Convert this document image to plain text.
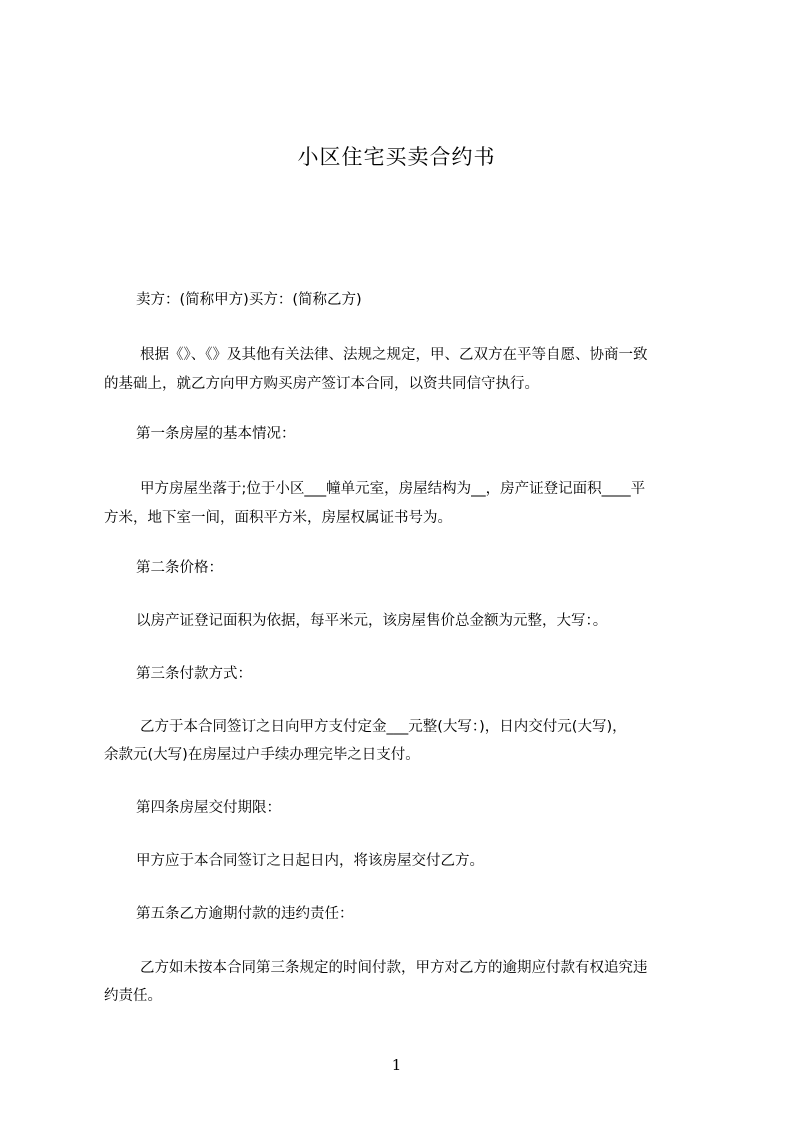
小区住宅买卖合约书
卖方：(简称甲方)买方：(简称乙方)
根据《》、《》及其他有关法律、法规之规定，甲、乙双方在平等自愿、协商一致
的基础上，就乙方向甲方购买房产签订本合同，以资共同信守执行。
第一条房屋的基本情况：
甲方房屋坐落于;位于小区___幢单元室，房屋结构为__，房产证登记面积____平
方米，地下室一间，面积平方米，房屋权属证书号为。
第二条价格：
以房产证登记面积为依据，每平米元，该房屋售价总金额为元整，大写：。
第三条付款方式：
乙方于本合同签订之日向甲方支付定金___元整(大写：)，日内交付元(大写)，
余款元(大写)在房屋过户手续办理完毕之日支付。
第四条房屋交付期限：
甲方应于本合同签订之日起日内，将该房屋交付乙方。
第五条乙方逾期付款的违约责任：
乙方如未按本合同第三条规定的时间付款，甲方对乙方的逾期应付款有权追究违
约责任。
1
